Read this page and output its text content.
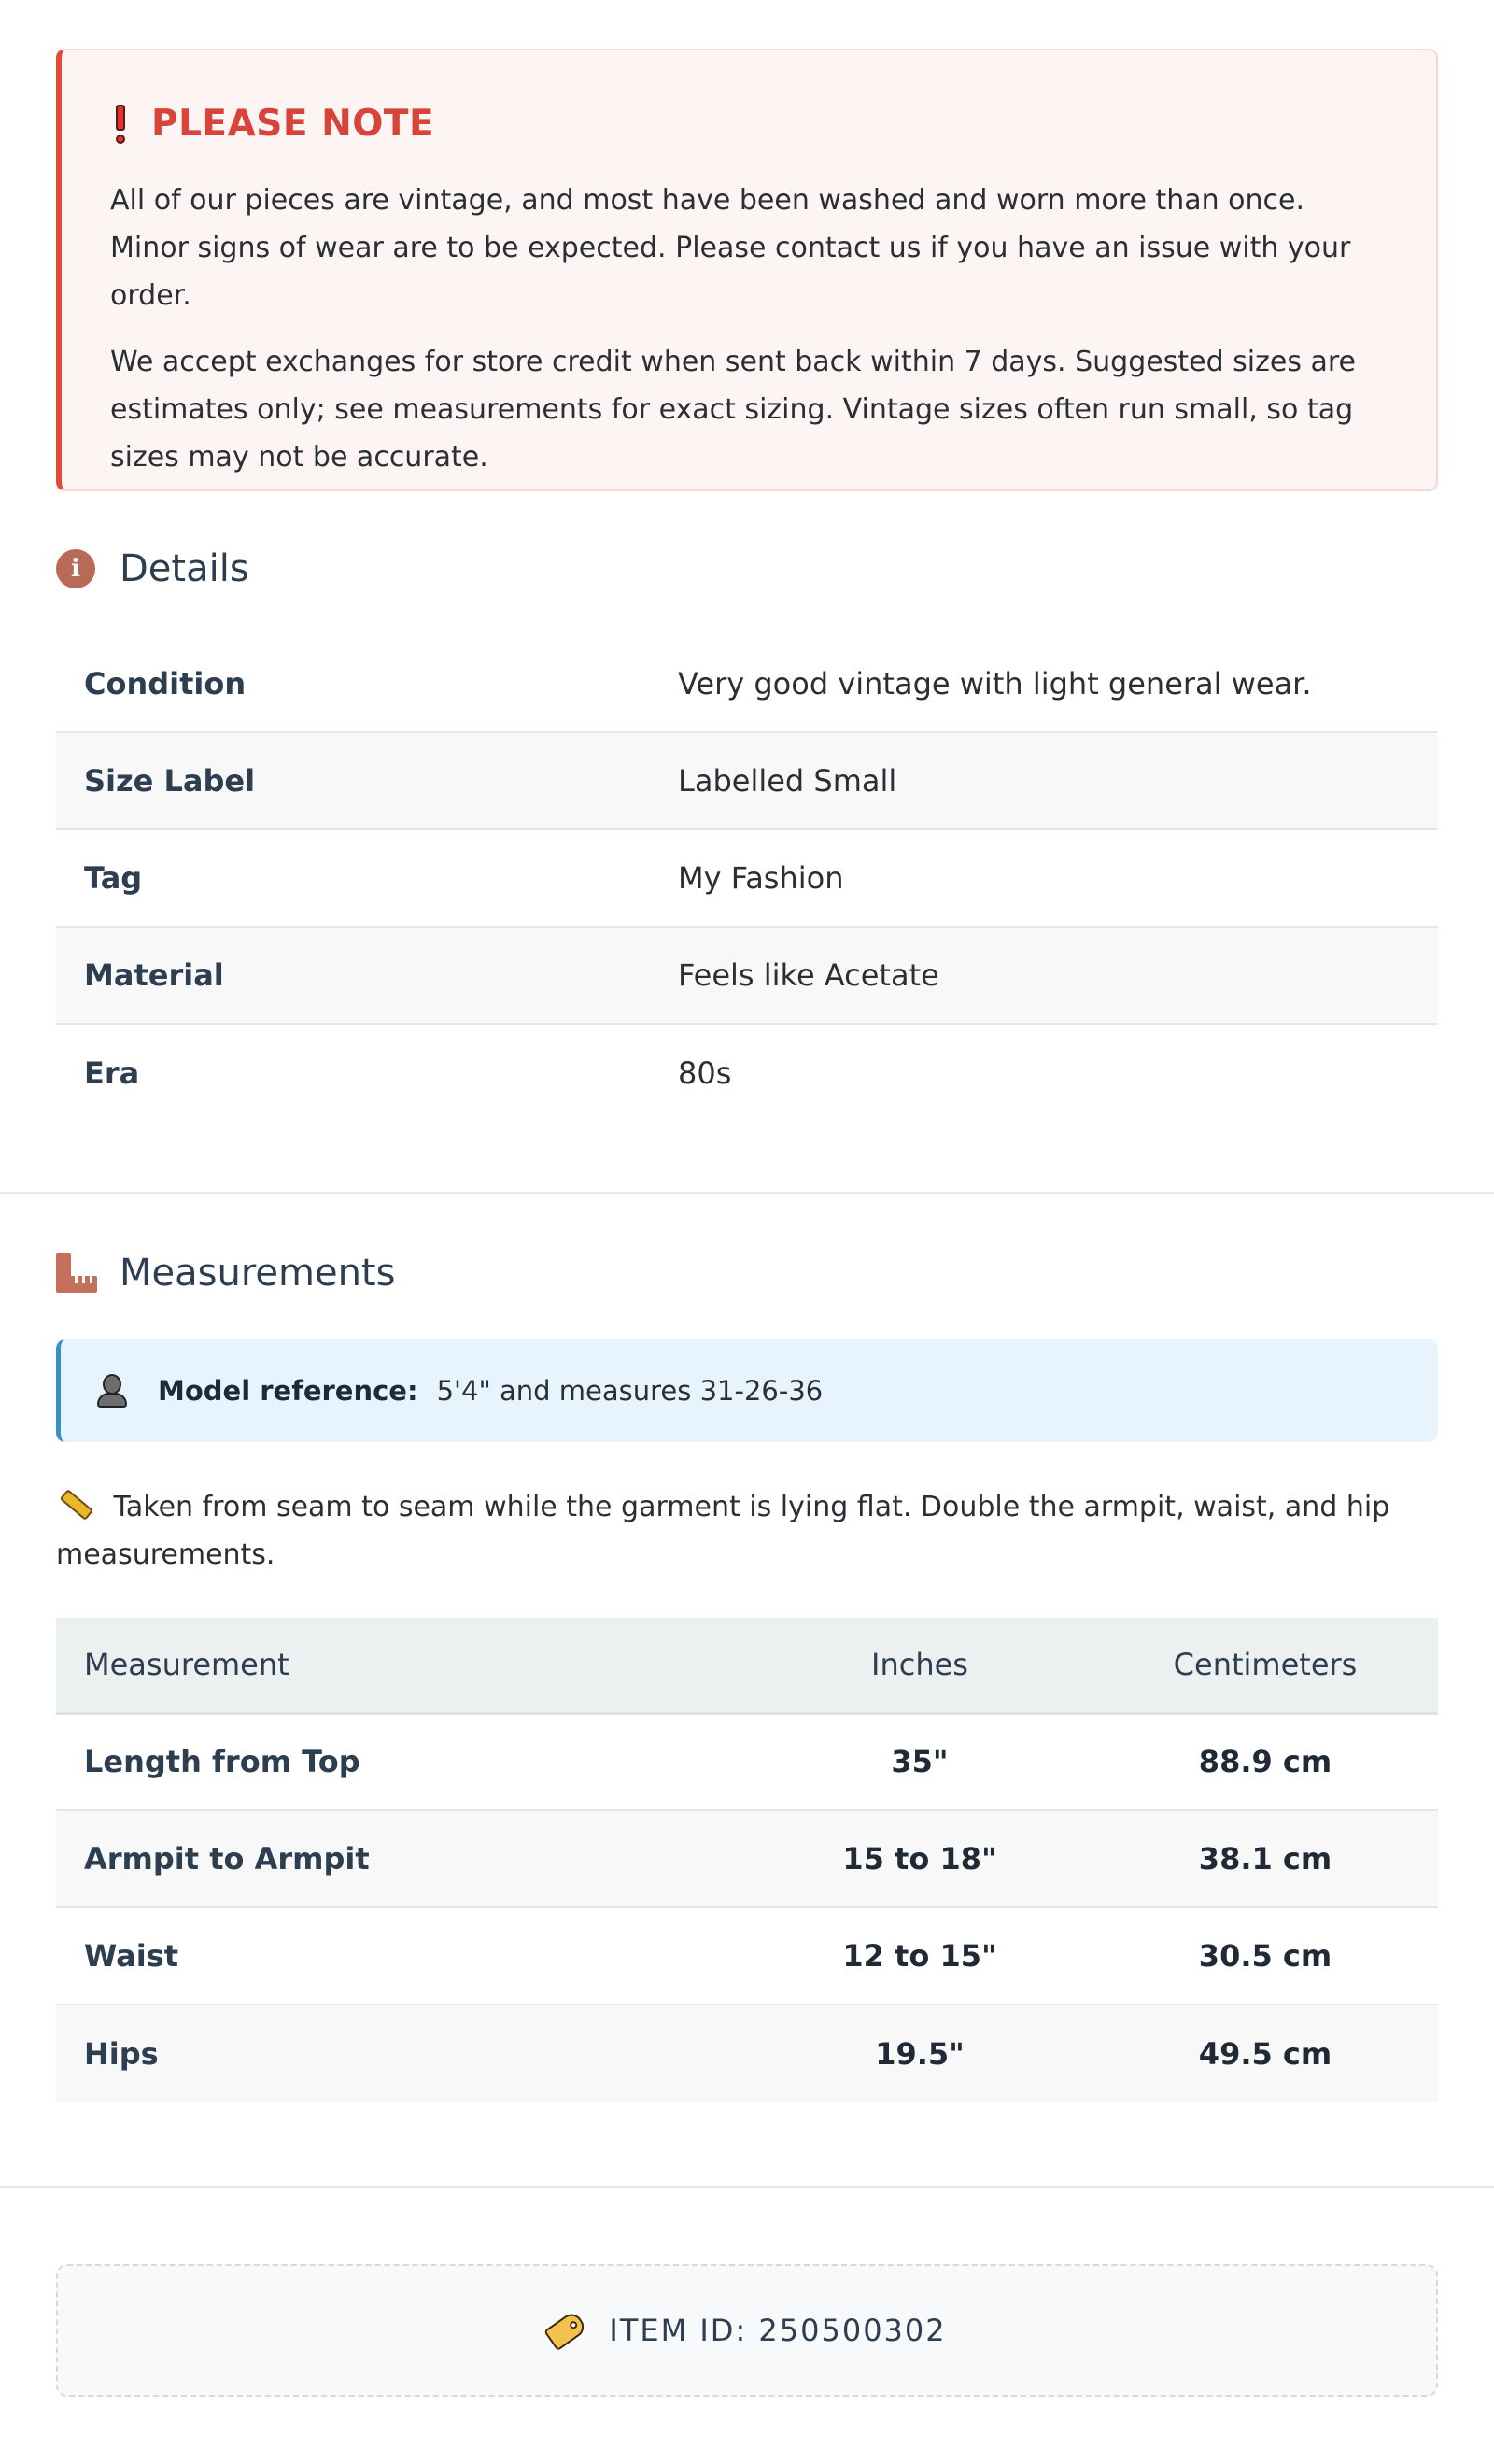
PLEASE NOTE

All of our pieces are vintage, and most have been washed and worn more than once. Minor signs of wear are to be expected. Please contact us if you have an issue with your order.

We accept exchanges for store credit when sent back within 7 days. Suggested sizes are estimates only; see measurements for exact sizing. Vintage sizes often run small, so tag sizes may not be accurate.

i	Details
Condition	Very good vintage with light general wear.
Size Label	Labelled Small
Tag	My Fashion
Material	Feels like Acetate
Era	80s
Measurements
Model reference: 5'4" and measures 31-26-36
Taken from seam to seam while the garment is lying flat. Double the armpit, waist, and hip measurements.
Measurement	Inches	Centimeters
Length from Top	35"	88.9 cm
Armpit to Armpit	15 to 18"	38.1 cm
Waist	12 to 15"	30.5 cm
Hips	19.5"	49.5 cm
ITEM ID: 250500302
